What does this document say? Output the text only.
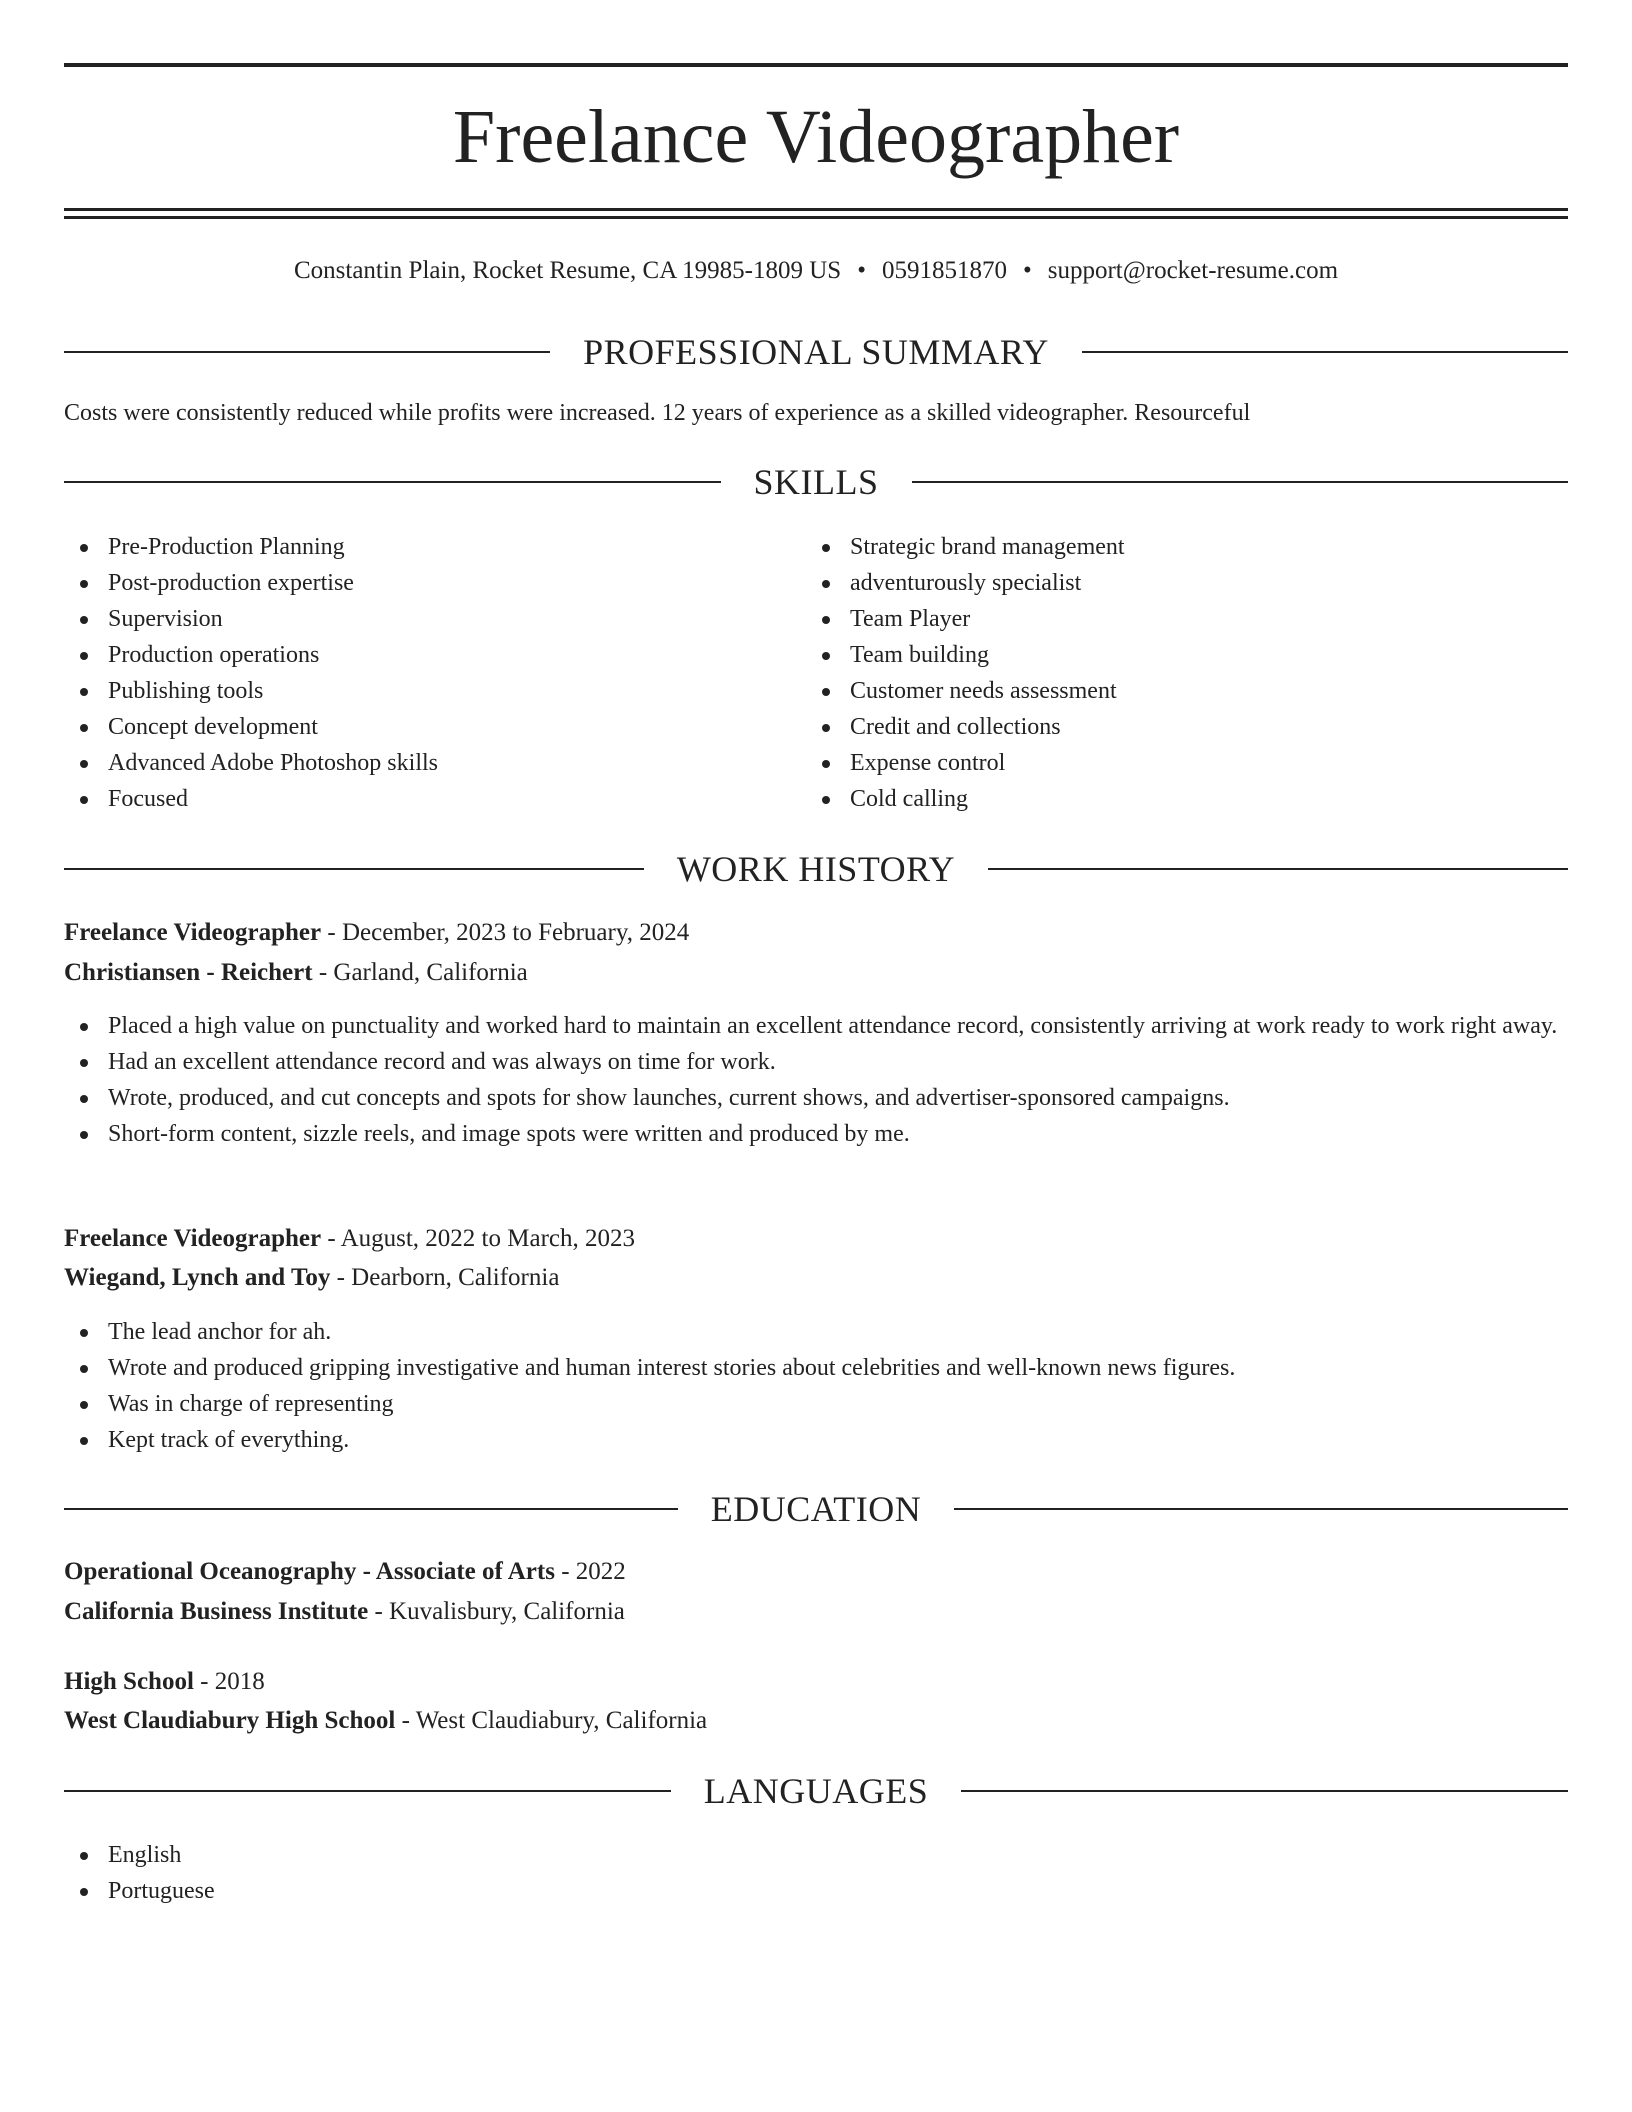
Freelance Videographer
Constantin Plain, Rocket Resume, CA 19985-1809 US • 0591851870 • support@rocket-resume.com
PROFESSIONAL SUMMARY
Costs were consistently reduced while profits were increased. 12 years of experience as a skilled videographer. Resourceful
SKILLS
Pre-Production Planning
Post-production expertise
Supervision
Production operations
Publishing tools
Concept development
Advanced Adobe Photoshop skills
Focused
Strategic brand management
adventurously specialist
Team Player
Team building
Customer needs assessment
Credit and collections
Expense control
Cold calling
WORK HISTORY
Freelance Videographer - December, 2023 to February, 2024
Christiansen - Reichert - Garland, California
Placed a high value on punctuality and worked hard to maintain an excellent attendance record, consistently arriving at work ready to work right away.
Had an excellent attendance record and was always on time for work.
Wrote, produced, and cut concepts and spots for show launches, current shows, and advertiser-sponsored campaigns.
Short-form content, sizzle reels, and image spots were written and produced by me.
Freelance Videographer - August, 2022 to March, 2023
Wiegand, Lynch and Toy - Dearborn, California
The lead anchor for ah.
Wrote and produced gripping investigative and human interest stories about celebrities and well-known news figures.
Was in charge of representing
Kept track of everything.
EDUCATION
Operational Oceanography - Associate of Arts - 2022
California Business Institute - Kuvalisbury, California
High School - 2018
West Claudiabury High School - West Claudiabury, California
LANGUAGES
English
Portuguese
